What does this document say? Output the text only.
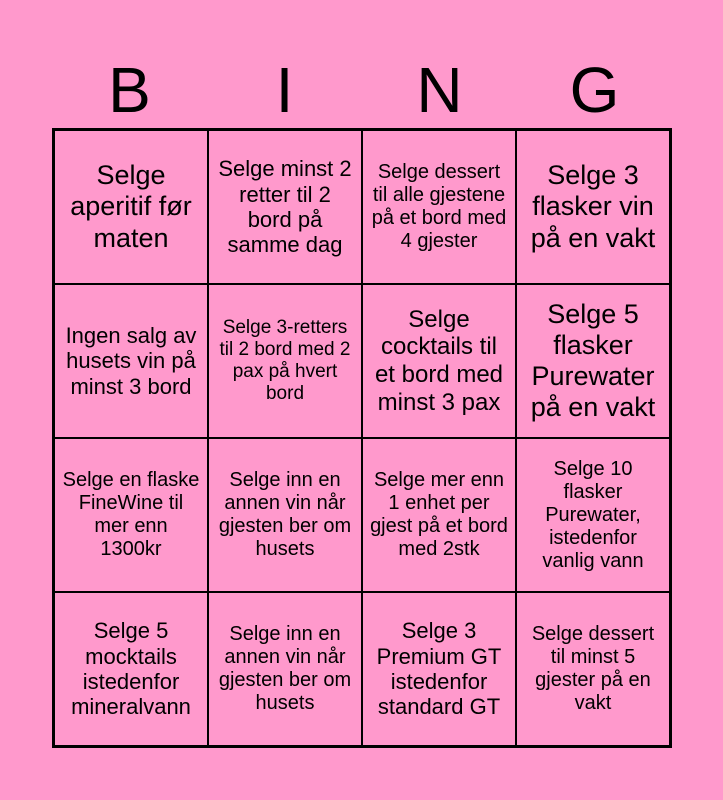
B	I	N	G
Selge aperitif før maten
Selge minst 2 retter til 2 bord på samme dag
Selge dessert til alle gjestene på et bord med 4 gjester
Selge 3 flasker vin på en vakt
Ingen salg av husets vin på minst 3 bord
Selge 3-retters til 2 bord med 2 pax på hvert bord
Selge cocktails til et bord med minst 3 pax
Selge 5 flasker Purewater på en vakt
Selge en flaske FineWine til mer enn 1300kr
Selge inn en annen vin når gjesten ber om husets
Selge mer enn 1 enhet per gjest på et bord med 2stk
Selge 10 flasker Purewater, istedenfor vanlig vann
Selge 5 mocktails istedenfor mineralvann
Selge inn en annen vin når gjesten ber om husets
Selge 3 Premium GT istedenfor standard GT
Selge dessert til minst 5 gjester på en vakt
